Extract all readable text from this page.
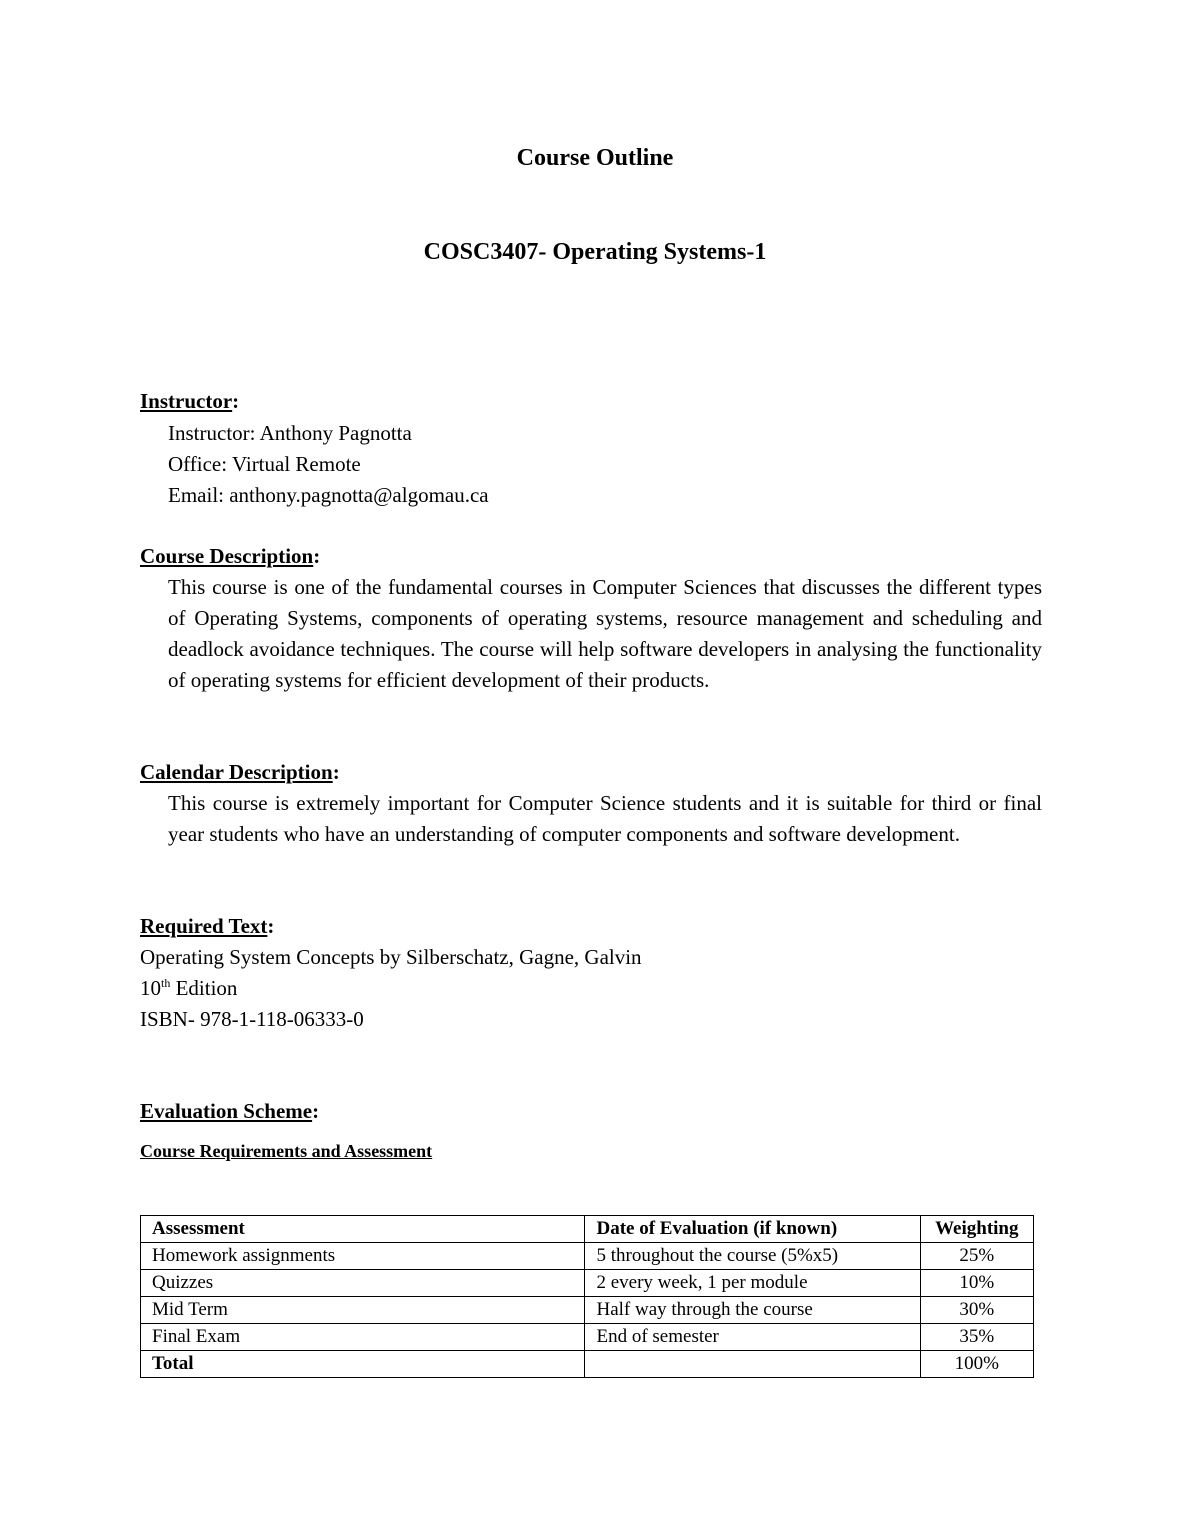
Course Outline
COSC3407- Operating Systems-1

Instructor:

Instructor: Anthony Pagnotta
Office: Virtual Remote
Email: anthony.pagnotta@algomau.ca

Course Description:

This course is one of the fundamental courses in Computer Sciences that discusses the different types of Operating Systems, components of operating systems, resource management and scheduling and deadlock avoidance techniques. The course will help software developers in analysing the functionality of operating systems for efficient development of their products.

Calendar Description:

This course is extremely important for Computer Science students and it is suitable for third or final year students who have an understanding of computer components and software development.

Required Text:

Operating System Concepts by Silberschatz, Gagne, Galvin
10th Edition
ISBN- 978-1-118-06333-0

Evaluation Scheme:

Course Requirements and Assessment
Assessment	Date of Evaluation (if known)	Weighting
Homework assignments	5 throughout the course (5%x5)	25%
Quizzes	2 every week, 1 per module	10%
Mid Term	Half way through the course	30%
Final Exam	End of semester	35%
Total		100%
